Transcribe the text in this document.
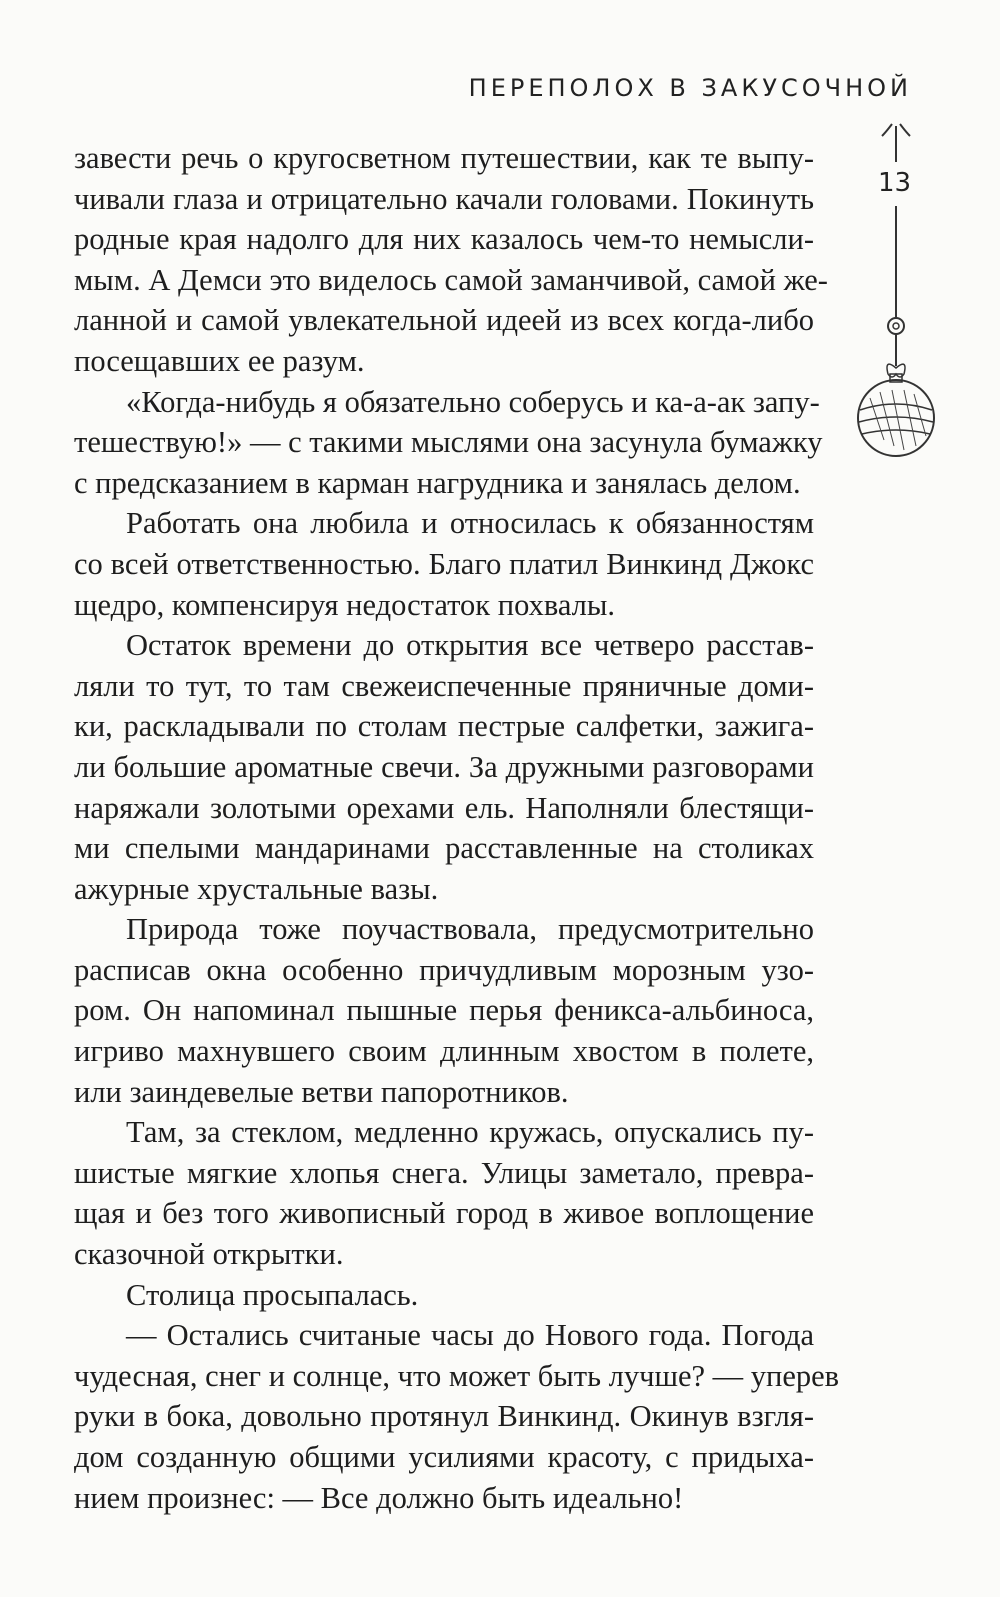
ПЕРЕПОЛОХ В ЗАКУСОЧНОЙ
13
завести речь о кругосветном путешествии, как те выпу-
чивали глаза и отрицательно качали головами. Покинуть
родные края надолго для них казалось чем-то немысли-
мым. А Демси это виделось самой заманчивой, самой же-
ланной и самой увлекательной идеей из всех когда-либо
посещавших ее разум.
«Когда-нибудь я обязательно соберусь и ка-а-ак запу-
тешествую!» — с такими мыслями она засунула бумажку
с предсказанием в карман нагрудника и занялась делом.
Работать она любила и относилась к обязанностям
со всей ответственностью. Благо платил Винкинд Джокс
щедро, компенсируя недостаток похвалы.
Остаток времени до открытия все четверо расстав-
ляли то тут, то там свежеиспеченные пряничные доми-
ки, раскладывали по столам пестрые салфетки, зажига-
ли большие ароматные свечи. За дружными разговорами
наряжали золотыми орехами ель. Наполняли блестящи-
ми спелыми мандаринами расставленные на столиках
ажурные хрустальные вазы.
Природа тоже поучаствовала, предусмотрительно
расписав окна особенно причудливым морозным узо-
ром. Он напоминал пышные перья феникса-альбиноса,
игриво махнувшего своим длинным хвостом в полете,
или заиндевелые ветви папоротников.
Там, за стеклом, медленно кружась, опускались пу-
шистые мягкие хлопья снега. Улицы заметало, превра-
щая и без того живописный город в живое воплощение
сказочной открытки.
Столица просыпалась.
— Остались считаные часы до Нового года. Погода
чудесная, снег и солнце, что может быть лучше? — уперев
руки в бока, довольно протянул Винкинд. Окинув взгля-
дом созданную общими усилиями красоту, с придыха-
нием произнес: — Все должно быть идеально!
